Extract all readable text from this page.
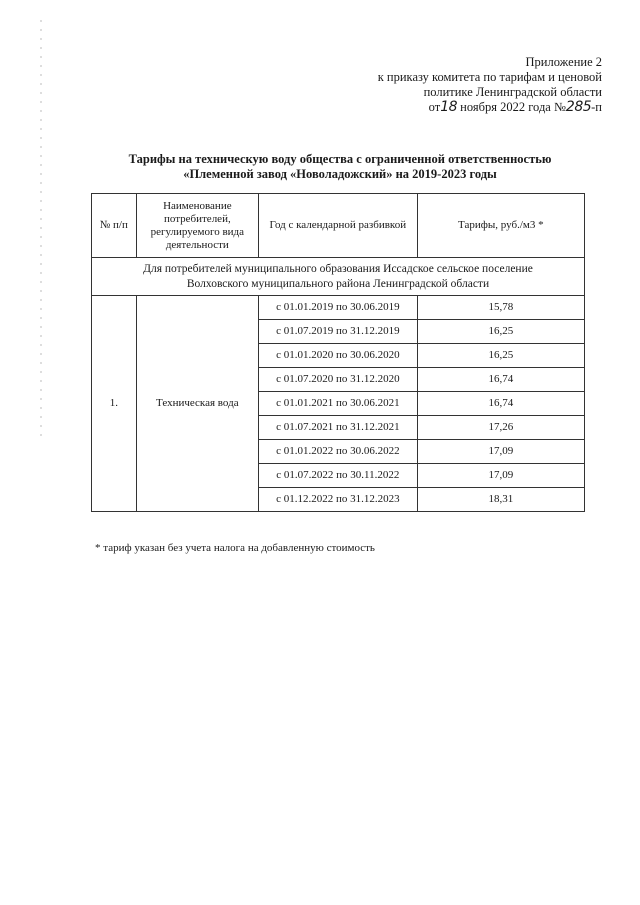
Приложение 2
к приказу комитета по тарифам и ценовой
политике Ленинградской области
от18 ноября 2022 года №285-п
Тарифы на техническую воду общества с ограниченной ответственностью
«Племенной завод «Новоладожский» на 2019-2023 годы
№ п/п	Наименование потребителей, регулируемого вида деятельности	Год с календарной разбивкой	Тарифы, руб./м3 *

Для потребителей муниципального образования Иссадское сельское поселение
Волховского муниципального района Ленинградской области			

1.	Техническая вода	с 01.01.2019 по 30.06.2019	15,78
		с 01.07.2019 по 31.12.2019	16,25
		с 01.01.2020 по 30.06.2020	16,25
		с 01.07.2020 по 31.12.2020	16,74
		с 01.01.2021 по 30.06.2021	16,74
		с 01.07.2021 по 31.12.2021	17,26
		с 01.01.2022 по 30.06.2022	17,09
		с 01.07.2022 по 30.11.2022	17,09
		с 01.12.2022 по 31.12.2023	18,31
* тариф указан без учета налога на добавленную стоимость
